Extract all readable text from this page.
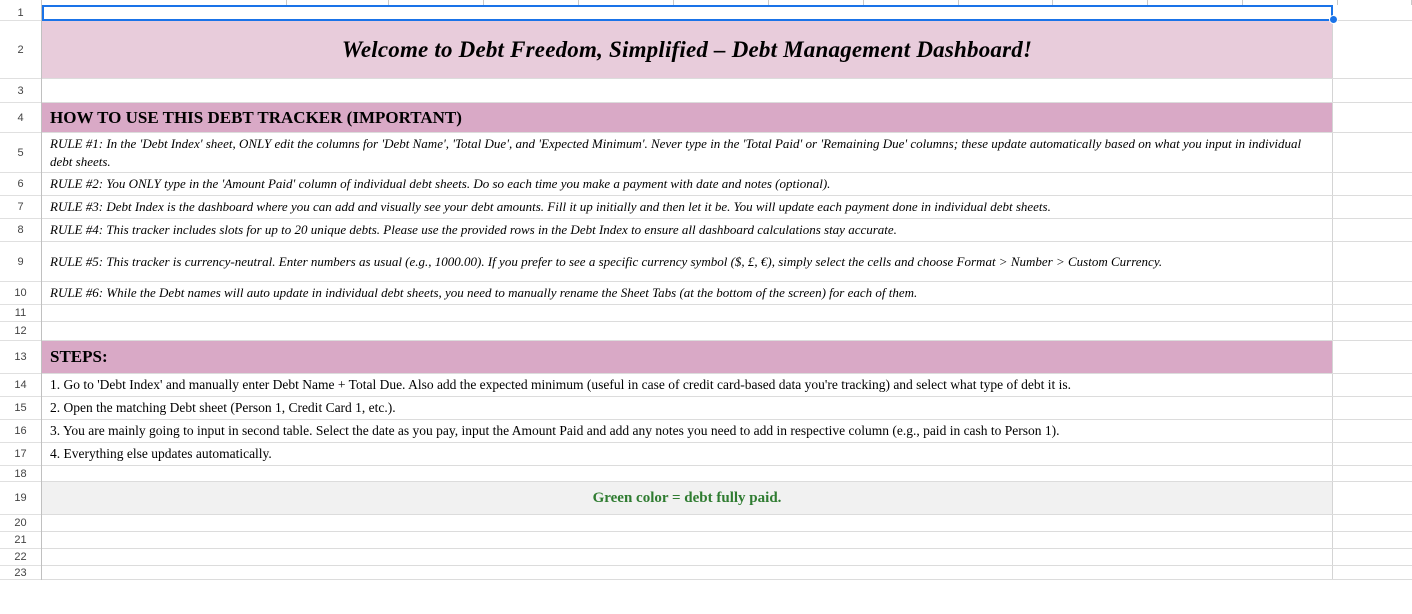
1
2
3
4
5
6
7
8
9
10
11
12
13
14
15
16
17
18
19
20
21
22
23
Welcome to Debt Freedom, Simplified – Debt Management Dashboard!
HOW TO USE THIS DEBT TRACKER (IMPORTANT)
RULE #1: In the 'Debt Index' sheet, ONLY edit the columns for 'Debt Name', 'Total Due', and 'Expected Minimum'. Never type in the 'Total Paid' or 'Remaining Due' columns; these update automatically based on what you input in individual debt sheets.
RULE #2: You ONLY type in the 'Amount Paid' column of individual debt sheets. Do so each time you make a payment with date and notes (optional).
RULE #3: Debt Index is the dashboard where you can add and visually see your debt amounts. Fill it up initially and then let it be. You will update each payment done in individual debt sheets.
RULE #4: This tracker includes slots for up to 20 unique debts. Please use the provided rows in the Debt Index to ensure all dashboard calculations stay accurate.
RULE #5: This tracker is currency-neutral. Enter numbers as usual (e.g., 1000.00). If you prefer to see a specific currency symbol ($, £, €), simply select the cells and choose Format > Number > Custom Currency.
RULE #6: While the Debt names will auto update in individual debt sheets, you need to manually rename the Sheet Tabs (at the bottom of the screen) for each of them.
STEPS:
1. Go to 'Debt Index' and manually enter Debt Name + Total Due. Also add the expected minimum (useful in case of credit card-based data you're tracking) and select what type of debt it is.
2. Open the matching Debt sheet (Person 1, Credit Card 1, etc.).
3. You are mainly going to input in second table. Select the date as you pay, input the Amount Paid and add any notes you need to add in respective column (e.g., paid in cash to Person 1).
4. Everything else updates automatically.
Green color = debt fully paid.
